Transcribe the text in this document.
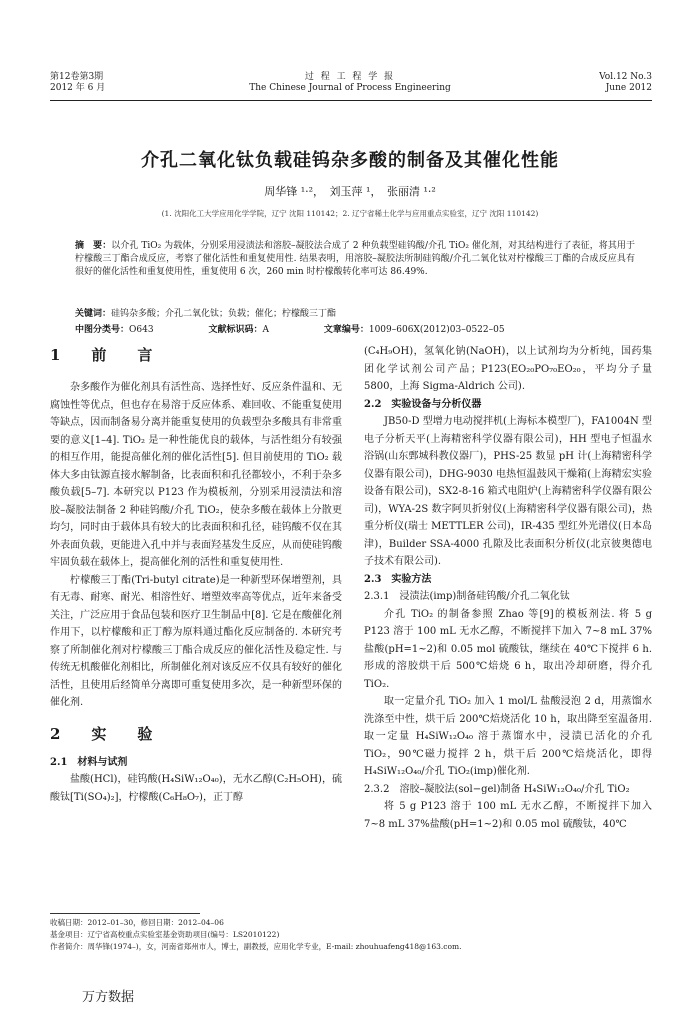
第12卷第3期
2012 年 6 月
过 程 工 程 学 报
The Chinese Journal of Process Engineering
Vol.12 No.3
June 2012
介孔二氧化钛负载硅钨杂多酸的制备及其催化性能
周华锋 ¹·²，　刘玉萍 ¹，　张丽清 ¹·²
(1. 沈阳化工大学应用化学学院，辽宁 沈阳 110142；2. 辽宁省稀土化学与应用重点实验室，辽宁 沈阳 110142)
摘　要：以介孔 TiO₂ 为载体，分别采用浸渍法和溶胶–凝胶法合成了 2 种负载型硅钨酸/介孔 TiO₂ 催化剂，对其结构进行了表征，将其用于柠檬酸三丁酯合成反应，考察了催化活性和重复使用性. 结果表明，用溶胶–凝胶法所制硅钨酸/介孔二氧化钛对柠檬酸三丁酯的合成反应具有很好的催化活性和重复使用性，重复使用 6 次，260 min 时柠檬酸转化率可达 86.49%.
关键词：硅钨杂多酸；介孔二氧化钛；负载；催化；柠檬酸三丁酯
中图分类号：O643	文献标识码：A	文章编号：1009–606X(2012)03–0522–05
1　前　言

杂多酸作为催化剂具有活性高、选择性好、反应条件温和、无腐蚀性等优点，但也存在易溶于反应体系、难回收、不能重复使用等缺点，因而制备易分离并能重复使用的负载型杂多酸具有非常重要的意义[1–4]. TiO₂ 是一种性能优良的载体，与活性组分有较强的相互作用，能提高催化剂的催化活性[5]. 但目前使用的 TiO₂ 载体大多由钛源直接水解制备，比表面积和孔径都较小，不利于杂多酸负载[5–7]. 本研究以 P123 作为模板剂，分别采用浸渍法和溶胶–凝胶法制备 2 种硅钨酸/介孔 TiO₂，使杂多酸在载体上分散更均匀，同时由于载体具有较大的比表面积和孔径，硅钨酸不仅在其外表面负载，更能进入孔中并与表面羟基发生反应，从而使硅钨酸牢固负载在载体上，提高催化剂的活性和重复使用性.

柠檬酸三丁酯(Tri-butyl citrate)是一种新型环保增塑剂，具有无毒、耐寒、耐光、相溶性好、增塑效率高等优点，近年来备受关注，广泛应用于食品包装和医疗卫生制品中[8]. 它是在酸催化剂作用下，以柠檬酸和正丁醇为原料通过酯化反应制备的. 本研究考察了所制催化剂对柠檬酸三丁酯合成反应的催化活性及稳定性. 与传统无机酸催化剂相比，所制催化剂对该反应不仅具有较好的催化活性，且使用后经简单分离即可重复使用多次，是一种新型环保的催化剂.

2　实　验
2.1　材料与试剂

盐酸(HCl)，硅钨酸(H₄SiW₁₂O₄₀)，无水乙醇(C₂H₅OH)，硫酸钛[Ti(SO₄)₂]，柠檬酸(C₆H₈O₇)，正丁醇

(C₄H₉OH)，氢氧化钠(NaOH)，以上试剂均为分析纯，国药集团化学试剂公司产品；P123(EO₂₀PO₇₀EO₂₀，平均分子量 5800，上海 Sigma-Aldrich 公司).

2.2　实验设备与分析仪器

JB50-D 型增力电动搅拌机(上海标本模型厂)，FA1004N 型电子分析天平(上海精密科学仪器有限公司)，HH 型电子恒温水浴锅(山东鄄城科教仪器厂)，PHS-25 数显 pH 计(上海精密科学仪器有限公司)，DHG-9030 电热恒温鼓风干燥箱(上海精宏实验设备有限公司)，SX2-8-16 箱式电阻炉(上海精密科学仪器有限公司)，WYA-2S 数字阿贝折射仪(上海精密科学仪器有限公司)，热重分析仪(瑞士 METTLER 公司)，IR-435 型红外光谱仪(日本岛津)，Builder SSA-4000 孔隙及比表面积分析仪(北京彼奥德电子技术有限公司).

2.3　实验方法
2.3.1　浸渍法(imp)制备硅钨酸/介孔二氧化钛

介孔 TiO₂ 的制备参照 Zhao 等[9]的模板剂法. 将 5 g P123 溶于 100 mL 无水乙醇，不断搅拌下加入 7~8 mL 37%盐酸(pH=1~2)和 0.05 mol 硫酸钛，继续在 40℃下搅拌 6 h. 形成的溶胶烘干后 500℃焙烧 6 h，取出冷却研磨，得介孔 TiO₂.

取一定量介孔 TiO₂ 加入 1 mol/L 盐酸浸泡 2 d，用蒸馏水洗涤至中性，烘干后 200℃焙烧活化 10 h，取出降至室温备用. 取一定量 H₄SiW₁₂O₄₀ 溶于蒸馏水中，浸渍已活化的介孔 TiO₂，90℃磁力搅拌 2 h，烘干后 200℃焙烧活化，即得 H₄SiW₁₂O₄₀/介孔 TiO₂(imp)催化剂.

2.3.2　溶胶–凝胶法(sol−gel)制备 H₄SiW₁₂O₄₀/介孔 TiO₂

将 5 g P123 溶于 100 mL 无水乙醇，不断搅拌下加入 7~8 mL 37%盐酸(pH=1~2)和 0.05 mol 硫酸钛，40℃

收稿日期：2012–01–30，修回日期：2012–04–06
基金项目：辽宁省高校重点实验室基金资助项目(编号：LS2010122)
作者简介：周华锋(1974–)，女，河南省郑州市人，博士，副教授，应用化学专业，E-mail: zhouhuafeng418@163.com.
万方数据
